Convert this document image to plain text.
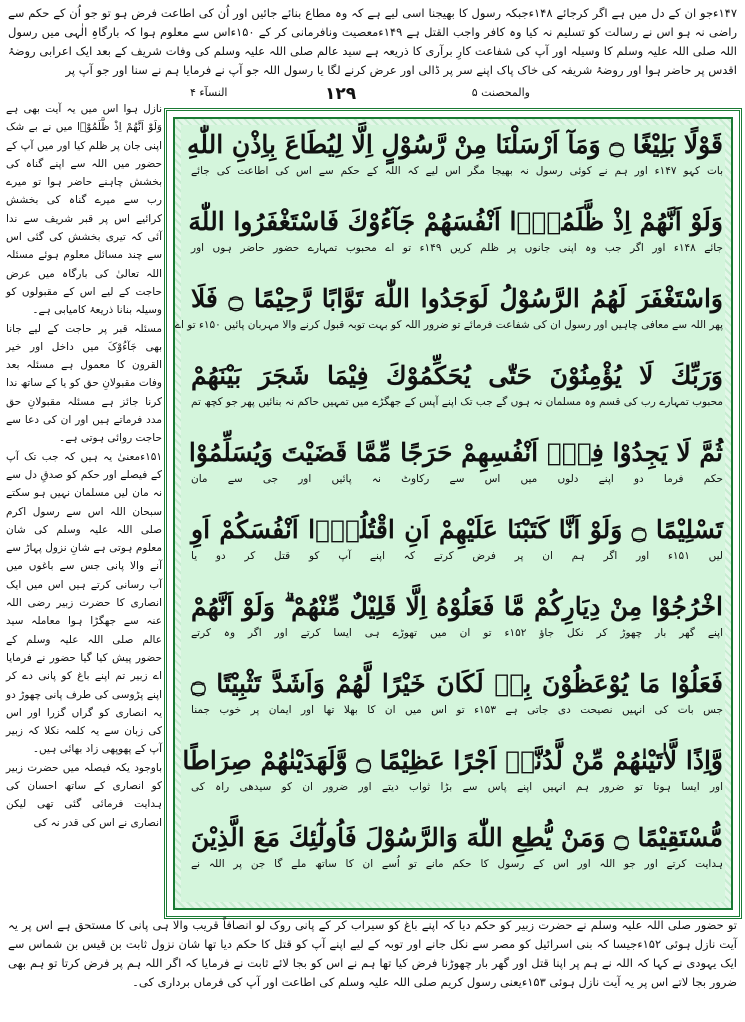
۱۴۷ءجو ان کے دل میں ہے اگر کرجائے ۱۴۸ءجبکہ رسول کا بھیجنا اسی لیے ہے کہ وہ مطاع بنائے جائیں اور اُن کی اطاعت فرض ہو تو جو اُن کے حکم سے راضی نہ ہو اس نے رسالت کو تسلیم نہ کیا وہ کافر واجب القتل ہے ۱۴۹ءمعصیت ونافرمانی کر کے ۱۵۰ءاس سے معلوم ہوا کہ بارگاہِ الٰہی میں رسول اللہ صلی اللہ علیہ وسلم کا وسیلہ اور آپ کی شفاعت کارِ برآری کا ذریعہ ہے سید عالم صلی اللہ علیہ وسلم کی وفات شریف کے بعد ایک اعرابی روضۂ اقدس پر حاضر ہوا اور روضۂ شریفہ کی خاک پاک اپنے سر پر ڈالی اور عرض کرنے لگا یا رسول اللہ جو آپ نے فرمایا ہم نے سنا اور جو آپ پر

والمحصنت ۵
۱۲۹
النسآء ۴

نازل ہوا اس میں یہ آیت بھی ہے وَلَوْ اَنَّھُمْ اِذْ ظَّلَمُوْۤا میں نے بے شک اپنی جان پر ظلم کیا اور میں آپ کے حضور میں اللہ سے اپنے گناہ کی بخشش چاہنے حاضر ہوا تو میرے رب سے میرے گناہ کی بخشش کرائیے اس پر قبر شریف سے ندا آئی کہ تیری بخشش کی گئی اس سے چند مسائل معلوم ہوئے مسئلہ اللہ تعالیٰ کی بارگاہ میں عرض حاجت کے لیے اس کے مقبولوں کو وسیلہ بنانا ذریعۂ کامیابی ہے۔

مسئلہ قبر پر حاجت کے لیے جانا بھی جَآءُوْکَ میں داخل اور خیر القرون کا معمول ہے مسئلہ بعد وفات مقبولانِ حق کو یا کے ساتھ ندا کرنا جائز ہے مسئلہ مقبولانِ حق مدد فرماتے ہیں اور ان کی دعا سے حاجت روائی ہوتی ہے۔

۱۵۱ءمعنیٰ یہ ہیں کہ جب تک آپ کے فیصلے اور حکم کو صدقِ دل سے نہ مان لیں مسلمان نہیں ہو سکتے سبحان اللہ اس سے رسول اکرم صلی اللہ علیہ وسلم کی شان معلوم ہوتی ہے شانِ نزول پہاڑ سے آنے والا پانی جس سے باغوں میں آب رسانی کرتے ہیں اس میں ایک انصاری کا حضرت زبیر رضی اللہ عنہ سے جھگڑا ہوا معاملہ سید عالم صلی اللہ علیہ وسلم کے حضور پیش کیا گیا حضور نے فرمایا اے زبیر تم اپنے باغ کو پانی دے کر اپنے پڑوسی کی طرف پانی چھوڑ دو یہ انصاری کو گراں گزرا اور اس کی زبان سے یہ کلمہ نکلا کہ زبیر آپ کے پھوپھی زاد بھائی ہیں۔

باوجود یکہ فیصلہ میں حضرت زبیر کو انصاری کے ساتھ احسان کی ہدایت فرمائی گئی تھی لیکن انصاری نے اس کی قدر نہ کی

قَوْلًا بَلِيْغًا ۝ وَمَآ اَرْسَلْنَا مِنْ رَّسُوْلٍ اِلَّا لِيُطَاعَ بِاِذْنِ اللّٰهِ
بات کہو ۱۴۷ء اور ہم نے کوئی رسول نہ بھیجا مگر اس لیے کہ اللہ کے حکم سے اس کی اطاعت کی جائے
وَلَوْ اَنَّهُمْ اِذْ ظَّلَمُوْۤا اَنْفُسَهُمْ جَآءُوْكَ فَاسْتَغْفَرُوا اللّٰهَ
جائے ۱۴۸ء اور اگر جب وہ اپنی جانوں پر ظلم کریں ۱۴۹ء تو اے محبوب تمہارے حضور حاضر ہوں اور
وَاسْتَغْفَرَ لَهُمُ الرَّسُوْلُ لَوَجَدُوا اللّٰهَ تَوَّابًا رَّحِيْمًا ۝ فَلَا
پھر اللہ سے معافی چاہیں اور رسول ان کی شفاعت فرمائے تو ضرور اللہ کو بہت توبہ قبول کرنے والا مہربان پائیں ۱۵۰ء تو اے
وَرَبِّكَ لَا يُؤْمِنُوْنَ حَتّٰى يُحَكِّمُوْكَ فِيْمَا شَجَرَ بَيْنَهُمْ
محبوب تمہارے رب کی قسم وہ مسلمان نہ ہوں گے جب تک اپنے آپس کے جھگڑے میں تمہیں حاکم نہ بنائیں پھر جو کچھ تم
ثُمَّ لَا يَجِدُوْا فِيْۤ اَنْفُسِهِمْ حَرَجًا مِّمَّا قَضَيْتَ وَيُسَلِّمُوْا
حکم فرما دو اپنے دلوں میں اس سے رکاوٹ نہ پائیں اور جی سے مان
تَسْلِيْمًا ۝ وَلَوْ اَنَّا كَتَبْنَا عَلَيْهِمْ اَنِ اقْتُلُوْۤا اَنْفُسَكُمْ اَوِ
لیں ۱۵۱ء اور اگر ہم ان پر فرض کرتے کہ اپنے آپ کو قتل کر دو یا
اخْرُجُوْا مِنْ دِيَارِكُمْ مَّا فَعَلُوْهُ اِلَّا قَلِيْلٌ مِّنْهُمْ ۗ وَلَوْ اَنَّهُمْ
اپنے گھر بار چھوڑ کر نکل جاؤ ۱۵۲ء تو ان میں تھوڑے ہی ایسا کرتے اور اگر وہ کرتے
فَعَلُوْا مَا يُوْعَظُوْنَ بِهٖ لَكَانَ خَيْرًا لَّهُمْ وَاَشَدَّ تَثْبِيْتًا ۝
جس بات کی انہیں نصیحت دی جاتی ہے ۱۵۳ء تو اس میں ان کا بھلا تھا اور ایمان پر خوب جمنا
وَّاِذًا لَّاٰتَيْنٰهُمْ مِّنْ لَّدُنَّاۤ اَجْرًا عَظِيْمًا ۝ وَّلَهَدَيْنٰهُمْ صِرَاطًا
اور ایسا ہوتا تو ضرور ہم انہیں اپنے پاس سے بڑا ثواب دیتے اور ضرور ان کو سیدھی راہ کی
مُّسْتَقِيْمًا ۝ وَمَنْ يُّطِعِ اللّٰهَ وَالرَّسُوْلَ فَاُولٰٓئِكَ مَعَ الَّذِيْنَ
ہدایت کرتے اور جو اللہ اور اس کے رسول کا حکم مانے تو اُسے ان کا ساتھ ملے گا جن پر اللہ نے

تو حضور صلی اللہ علیہ وسلم نے حضرت زبیر کو حکم دیا کہ اپنے باغ کو سیراب کر کے پانی روک لو انصافاً قریب والا ہی پانی کا مستحق ہے اس پر یہ آیت نازل ہوئی ۱۵۲ءجیسا کہ بنی اسرائیل کو مصر سے نکل جانے اور توبہ کے لیے اپنے آپ کو قتل کا حکم دیا تھا شان نزول ثابت بن قیس بن شماس سے ایک یہودی نے کہا کہ اللہ نے ہم پر اپنا قتل اور گھر بار چھوڑنا فرض کیا تھا ہم نے اس کو بجا لائے ثابت نے فرمایا کہ اگر اللہ ہم پر فرض کرتا تو ہم بھی ضرور بجا لاتے اس پر یہ آیت نازل ہوئی ۱۵۳ءیعنی رسول کریم صلی اللہ علیہ وسلم کی اطاعت اور آپ کی فرماں برداری کی۔
